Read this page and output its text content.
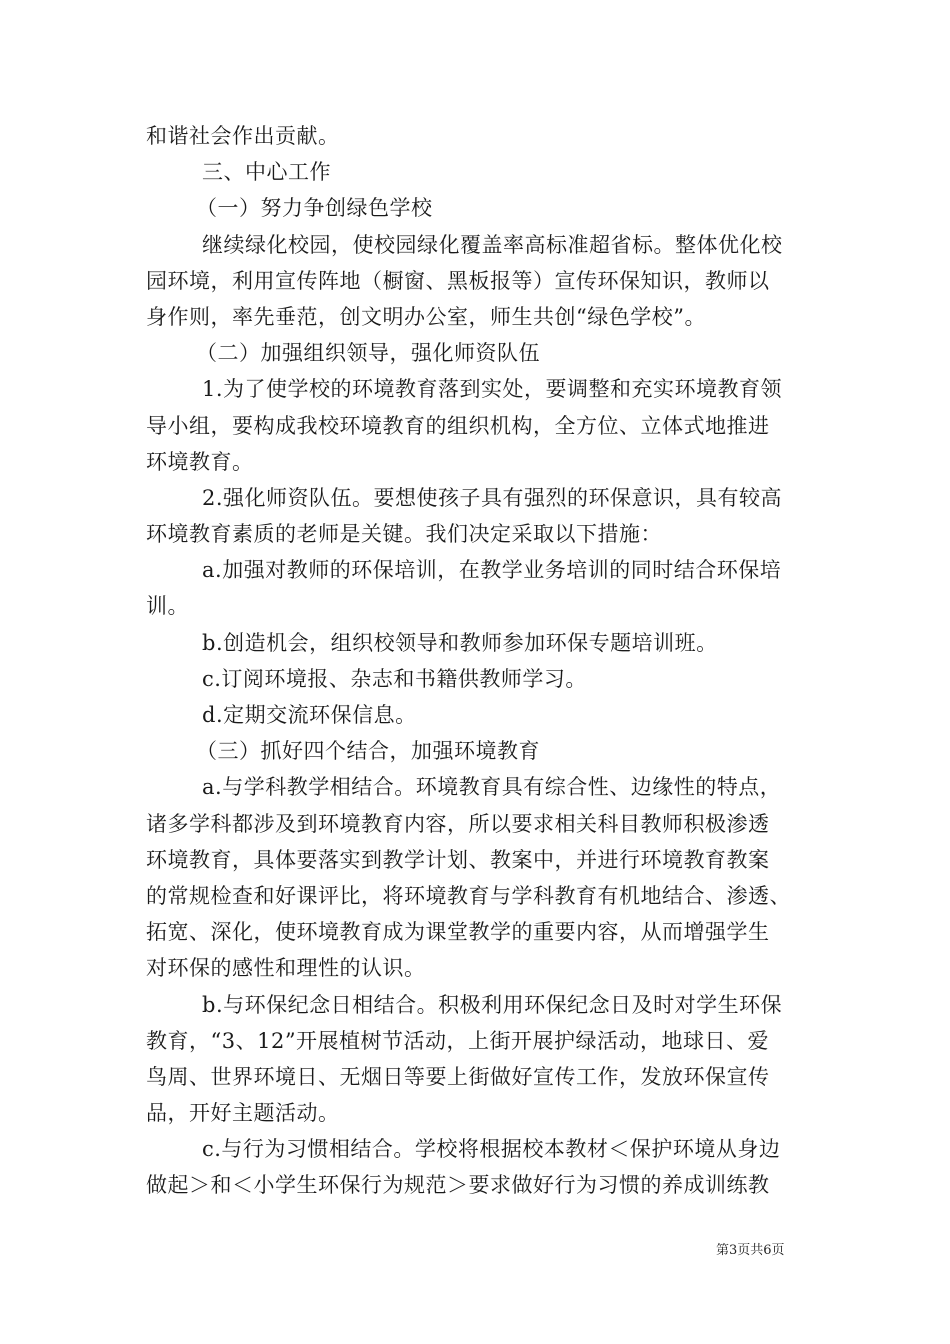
和谐社会作出贡献。
三、中心工作
（一）努力争创绿色学校
继续绿化校园，使校园绿化覆盖率高标准超省标。整体优化校
园环境，利用宣传阵地（橱窗、黑板报等）宣传环保知识，教师以
身作则，率先垂范，创文明办公室，师生共创“绿色学校”。
（二）加强组织领导，强化师资队伍
1.为了使学校的环境教育落到实处，要调整和充实环境教育领
导小组，要构成我校环境教育的组织机构，全方位、立体式地推进
环境教育。
2.强化师资队伍。要想使孩子具有强烈的环保意识，具有较高
环境教育素质的老师是关键。我们决定采取以下措施：
a.加强对教师的环保培训，在教学业务培训的同时结合环保培
训。
b.创造机会，组织校领导和教师参加环保专题培训班。
c.订阅环境报、杂志和书籍供教师学习。
d.定期交流环保信息。
（三）抓好四个结合，加强环境教育
a.与学科教学相结合。环境教育具有综合性、边缘性的特点，
诸多学科都涉及到环境教育内容，所以要求相关科目教师积极渗透
环境教育，具体要落实到教学计划、教案中，并进行环境教育教案
的常规检查和好课评比，将环境教育与学科教育有机地结合、渗透、
拓宽、深化，使环境教育成为课堂教学的重要内容，从而增强学生
对环保的感性和理性的认识。
b.与环保纪念日相结合。积极利用环保纪念日及时对学生环保
教育，“3、12”开展植树节活动，上街开展护绿活动，地球日、爱
鸟周、世界环境日、无烟日等要上街做好宣传工作，发放环保宣传
品，开好主题活动。
c.与行为习惯相结合。学校将根据校本教材＜保护环境从身边
做起＞和＜小学生环保行为规范＞要求做好行为习惯的养成训练教
第3页共6页
